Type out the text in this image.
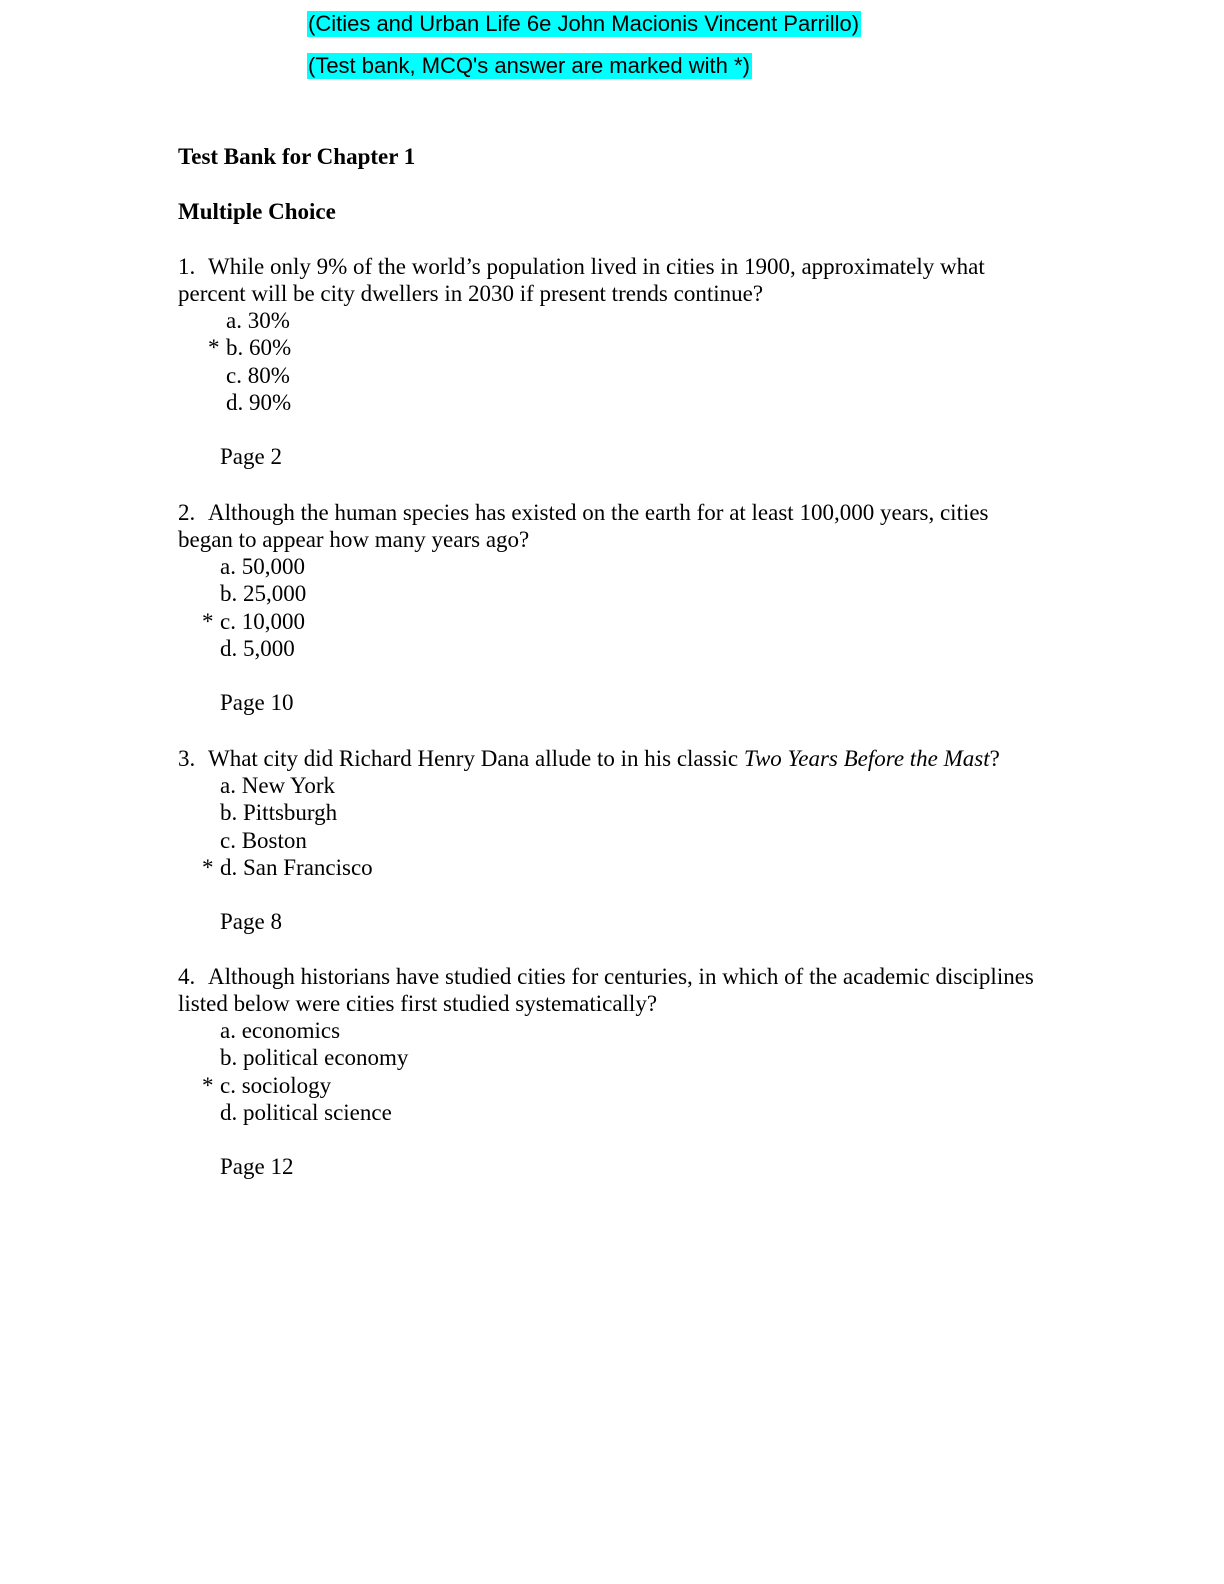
(Cities and Urban Life 6e John Macionis Vincent Parrillo)
(Test bank, MCQ's answer are marked with *)
Test Bank for Chapter 1
Multiple Choice

1. While only 9% of the world’s population lived in cities in 1900, approximately what percent will be city dwellers in 2030 if present trends continue?

a. 30%
* b. 60%
c. 80%
d. 90%
Page 2

2. Although the human species has existed on the earth for at least 100,000 years, cities began to appear how many years ago?

a. 50,000
b. 25,000
* c. 10,000
d. 5,000
Page 10

3. What city did Richard Henry Dana allude to in his classic Two Years Before the Mast?

a. New York
b. Pittsburgh
c. Boston
* d. San Francisco
Page 8

4. Although historians have studied cities for centuries, in which of the academic disciplines listed below were cities first studied systematically?

a. economics
b. political economy
* c. sociology
d. political science
Page 12
